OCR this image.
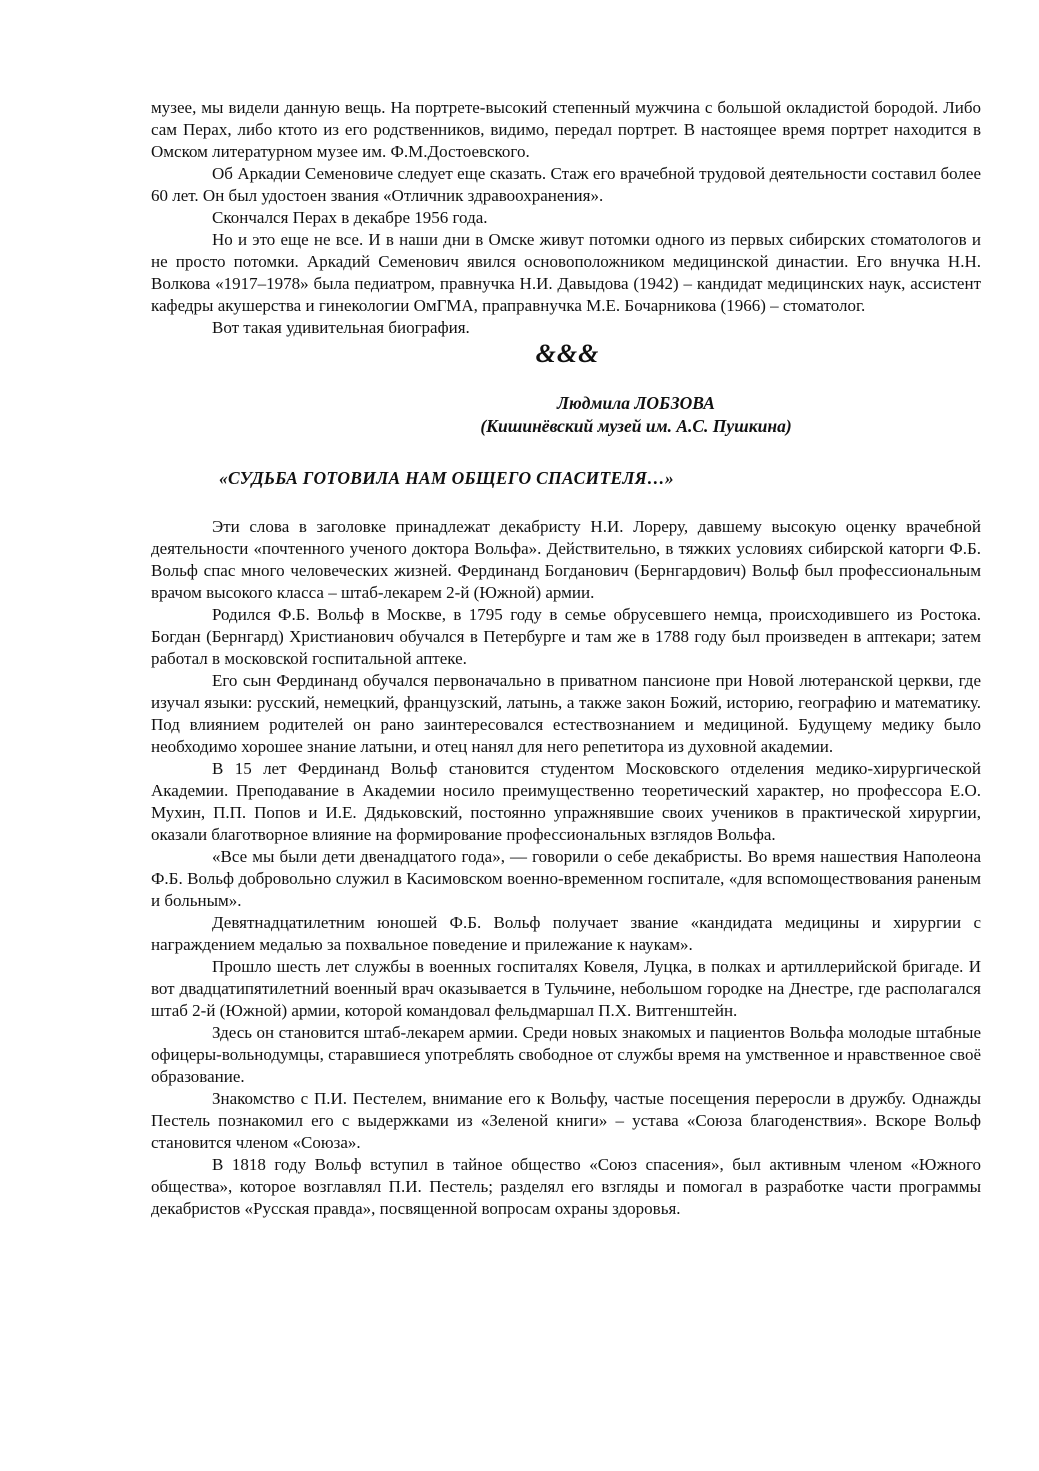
музее, мы видели данную вещь. На портрете-высокий степенный мужчина с большой окладистой бородой. Либо сам Перах, либо ктото из его родственников, видимо, передал портрет. В настоящее время портрет находится в Омском литературном музее им. Ф.М.Достоевского.

Об Аркадии Семеновиче следует еще сказать. Стаж его врачебной трудовой деятельности составил более 60 лет. Он был удостоен звания «Отличник здравоохранения».

Скончался Перах в декабре 1956 года.

Но и это еще не все. И в наши дни в Омске живут потомки одного из первых сибирских стоматологов и не просто потомки. Аркадий Семенович явился основоположником медицинской династии. Его внучка Н.Н. Волкова «1917–1978» была педиатром, правнучка Н.И. Давыдова (1942) – кандидат медицинских наук, ассистент кафедры акушерства и гинекологии ОмГМА, праправнучка М.Е. Бочарникова (1966) – стоматолог.

Вот такая удивительная биография.

&&&
Людмила ЛОБЗОВА
(Кишинёвский музей им. А.С. Пушкина)
«СУДЬБА ГОТОВИЛА НАМ ОБЩЕГО СПАСИТЕЛЯ…»

Эти слова в заголовке принадлежат декабристу Н.И. Лореру, давшему высокую оценку врачебной деятельности «почтенного ученого доктора Вольфа». Действительно, в тяжких условиях сибирской каторги Ф.Б. Вольф спас много человеческих жизней. Фердинанд Богданович (Бернгардович) Вольф был профессиональным врачом высокого класса – штаб-лекарем 2-й (Южной) армии.

Родился Ф.Б. Вольф в Москве, в 1795 году в семье обрусевшего немца, происходившего из Ростока. Богдан (Бернгард) Христианович обучался в Петербурге и там же в 1788 году был произведен в аптекари; затем работал в московской госпитальной аптеке.

Его сын Фердинанд обучался первоначально в приватном пансионе при Новой лютеранской церкви, где изучал языки: русский, немецкий, французский, латынь, а также закон Божий, историю, географию и математику. Под влиянием родителей он рано заинтересовался естествознанием и медициной. Будущему медику было необходимо хорошее знание латыни, и отец нанял для него репетитора из духовной академии.

В 15 лет Фердинанд Вольф становится студентом Московского отделения медико-хирургической Академии. Преподавание в Академии носило преимущественно теоретический характер, но профессора Е.О. Мухин, П.П. Попов и И.Е. Дядьковский, постоянно упражнявшие своих учеников в практической хирургии, оказали благотворное влияние на формирование профессиональных взглядов Вольфа.

«Все мы были дети двенадцатого года», — говорили о себе декабристы. Во время нашествия Наполеона Ф.Б. Вольф добровольно служил в Касимовском военно-временном госпитале, «для вспомоществования раненым и больным».

Девятнадцатилетним юношей Ф.Б. Вольф получает звание «кандидата медицины и хирургии с награждением медалью за похвальное поведение и прилежание к наукам».

Прошло шесть лет службы в военных госпиталях Ковеля, Луцка, в полках и артиллерийской бригаде. И вот двадцатипятилетний военный врач оказывается в Тульчине, небольшом городке на Днестре, где располагался штаб 2-й (Южной) армии, которой командовал фельдмаршал П.Х. Витгенштейн.

Здесь он становится штаб-лекарем армии. Среди новых знакомых и пациентов Вольфа молодые штабные офицеры-вольнодумцы, старавшиеся употреблять свободное от службы время на умственное и нравственное своё образование.

Знакомство с П.И. Пестелем, внимание его к Вольфу, частые посещения переросли в дружбу. Однажды Пестель познакомил его с выдержками из «Зеленой книги» – устава «Союза благоденствия». Вскоре Вольф становится членом «Союза».

В 1818 году Вольф вступил в тайное общество «Союз спасения», был активным членом «Южного общества», которое возглавлял П.И. Пестель; разделял его взгляды и помогал в разработке части программы декабристов «Русская правда», посвященной вопросам охраны здоровья.
